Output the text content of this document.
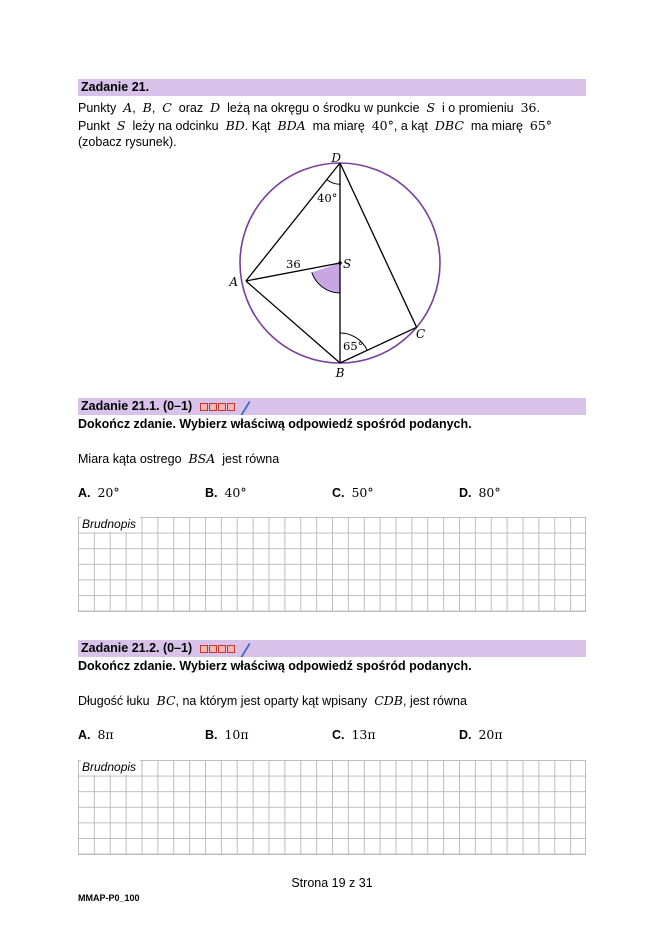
Zadanie 21.
Punkty A, B, C oraz D leżą na okręgu o środku w punkcie S i o promieniu 36.
Punkt S leży na odcinku BD. Kąt BDA ma miarę 40°, a kąt DBC ma miarę 65°
(zobacz rysunek).
D
S
A
B
C
40°
65°
36
Zadanie 21.1. (0–1)
Dokończ zdanie. Wybierz właściwą odpowiedź spośród podanych.
Miara kąta ostrego BSA jest równa
A. 20°	B. 40°	C. 50°	D. 80°
Brudnopis
Zadanie 21.2. (0–1)
Dokończ zdanie. Wybierz właściwą odpowiedź spośród podanych.
Długość łuku BC, na którym jest oparty kąt wpisany CDB, jest równa
A. 8π	B. 10π	C. 13π	D. 20π
Brudnopis
Strona 19 z 31
MMAP-P0_100
